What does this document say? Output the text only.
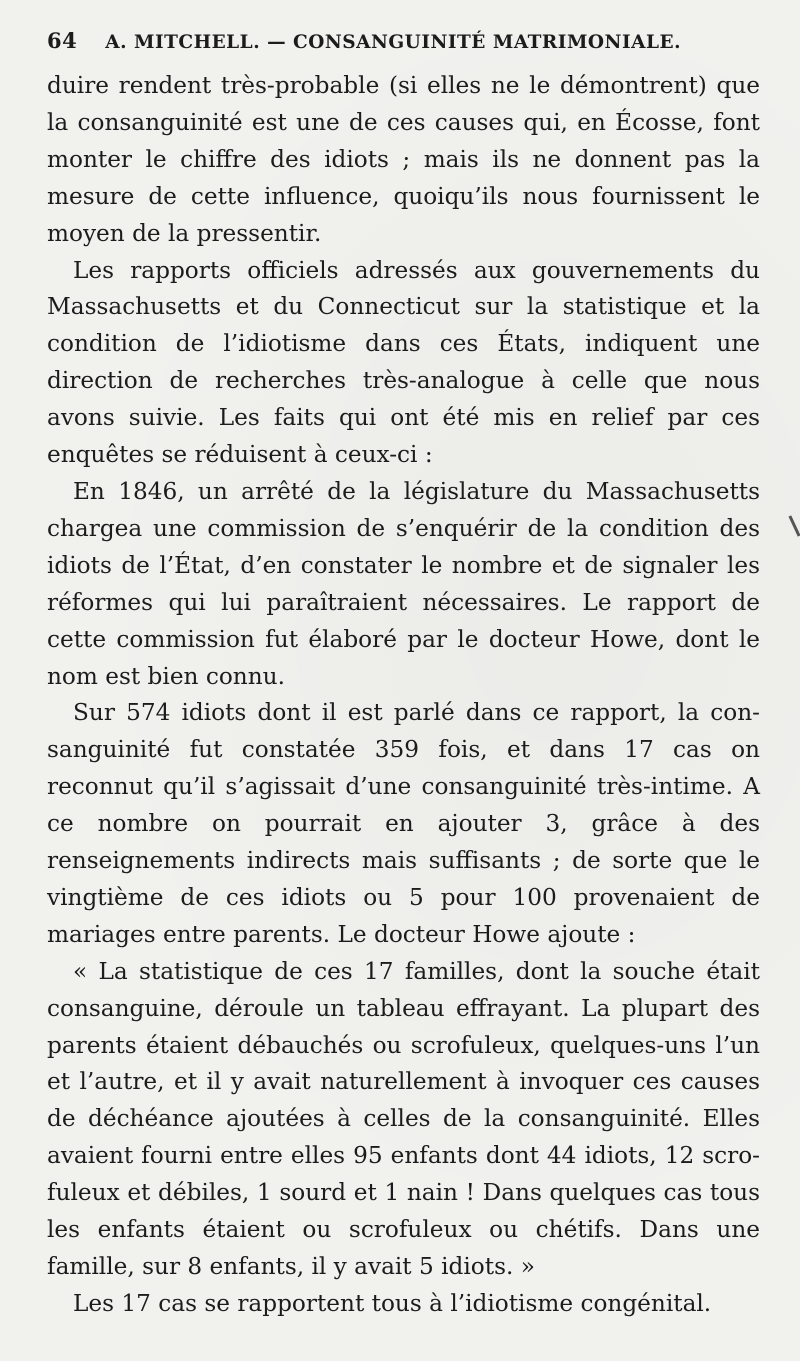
64 A. MITCHELL. — CONSANGUINITÉ MATRIMONIALE.

duire rendent très-probable (si elles ne le démontrent) que la consanguinité est une de ces causes qui, en Écosse, font monter le chiffre des idiots ; mais ils ne donnent pas la mesure de cette influence, quoiqu’ils nous fournissent le moyen de la pressentir.

Les rapports officiels adressés aux gouvernements du Massachusetts et du Connecticut sur la statistique et la condition de l’idiotisme dans ces États, indiquent une direction de recherches très-analogue à celle que nous avons suivie. Les faits qui ont été mis en relief par ces enquêtes se réduisent à ceux-ci :

En 1846, un arrêté de la législature du Massachusetts chargea une commission de s’enquérir de la condition des idiots de l’État, d’en constater le nombre et de signaler les réformes qui lui paraîtraient nécessaires. Le rapport de cette commission fut élaboré par le docteur Howe, dont le nom est bien connu.

Sur 574 idiots dont il est parlé dans ce rapport, la consanguinité fut constatée 359 fois, et dans 17 cas on reconnut qu’il s’agissait d’une consanguinité très-intime. A ce nombre on pourrait en ajouter 3, grâce à des renseignements indirects mais suffisants ; de sorte que le vingtième de ces idiots ou 5 pour 100 provenaient de mariages entre parents. Le docteur Howe ajoute :

« La statistique de ces 17 familles, dont la souche était consanguine, déroule un tableau effrayant. La plupart des parents étaient débauchés ou scrofuleux, quelques-uns l’un et l’autre, et il y avait naturellement à invoquer ces causes de déchéance ajoutées à celles de la consanguinité. Elles avaient fourni entre elles 95 enfants dont 44 idiots, 12 scrofuleux et débiles, 1 sourd et 1 nain ! Dans quelques cas tous les enfants étaient ou scrofuleux ou chétifs. Dans une famille, sur 8 enfants, il y avait 5 idiots. »

Les 17 cas se rapportent tous à l’idiotisme congénital.
